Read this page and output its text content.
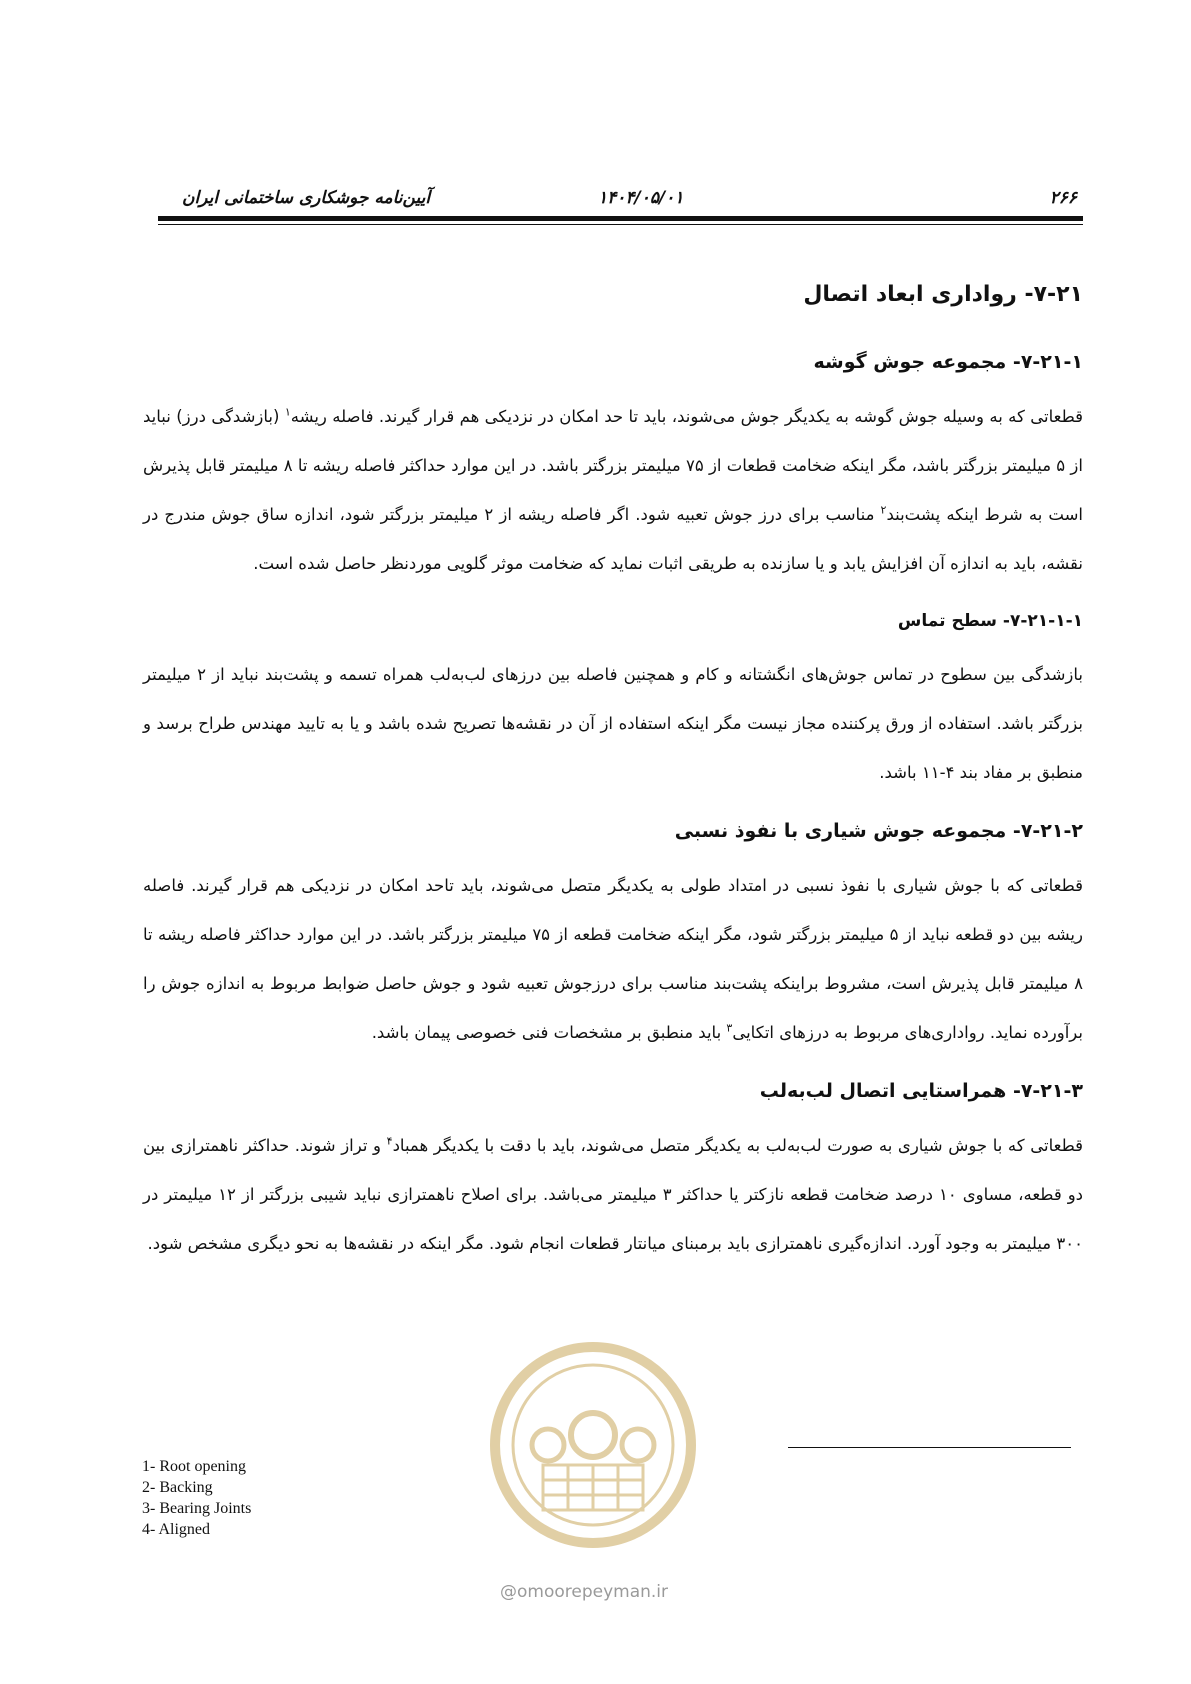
۲۶۶
۱۴۰۴/۰۵/۰۱
آیین‌نامه جوشکاری ساختمانی ایران
۷-۲۱- رواداری ابعاد اتصال
۷-۲۱-۱- مجموعه جوش گوشه

قطعاتی که به وسیله جوش گوشه به یکدیگر جوش می‌شوند، باید تا حد امکان در نزدیکی هم قرار گیرند. فاصله ریشه$^۱$ (بازشدگی درز) نباید از ۵ میلیمتر بزرگتر باشد، مگر اینکه ضخامت قطعات از ۷۵ میلیمتر بزرگتر باشد. در این موارد حداکثر فاصله ریشه تا ۸ میلیمتر قابل پذیرش است به شرط اینکه پشت‌بند$^۲$ مناسب برای درز جوش تعبیه شود. اگر فاصله ریشه از ۲ میلیمتر بزرگتر شود، اندازه ساق جوش مندرج در نقشه، باید به اندازه آن افزایش یابد و یا سازنده به طریقی اثبات نماید که ضخامت موثر گلویی موردنظر حاصل شده است.

۷-۲۱-۱-۱- سطح تماس

بازشدگی بین سطوح در تماس جوش‌های انگشتانه و کام و همچنین فاصله بین درزهای لب‌به‌لب همراه تسمه و پشت‌بند نباید از ۲ میلیمتر بزرگتر باشد. استفاده از ورق پرکننده مجاز نیست مگر اینکه استفاده از آن در نقشه‌ها تصریح شده باشد و یا به تایید مهندس طراح برسد و منطبق بر مفاد بند ۴-۱۱ باشد.

۷-۲۱-۲- مجموعه جوش شیاری با نفوذ نسبی

قطعاتی که با جوش شیاری با نفوذ نسبی در امتداد طولی به یکدیگر متصل می‌شوند، باید تاحد امکان در نزدیکی هم قرار گیرند. فاصله ریشه بین دو قطعه نباید از ۵ میلیمتر بزرگتر شود، مگر اینکه ضخامت قطعه از ۷۵ میلیمتر بزرگتر باشد. در این موارد حداکثر فاصله ریشه تا ۸ میلیمتر قابل پذیرش است، مشروط براینکه پشت‌بند مناسب برای درزجوش تعبیه شود و جوش حاصل ضوابط مربوط به اندازه جوش را برآورده نماید. رواداری‌های مربوط به درزهای اتکایی$^۳$ باید منطبق بر مشخصات فنی خصوصی پیمان باشد.

۷-۲۱-۳- همراستایی اتصال لب‌به‌لب

قطعاتی که با جوش شیاری به صورت لب‌به‌لب به یکدیگر متصل می‌شوند، باید با دقت با یکدیگر همباد$^۴$ و تراز شوند. حداکثر ناهمترازی بین دو قطعه، مساوی ۱۰ درصد ضخامت قطعه نازکتر یا حداکثر ۳ میلیمتر می‌باشد. برای اصلاح ناهمترازی نباید شیبی بزرگتر از ۱۲ میلیمتر در ۳۰۰ میلیمتر به وجود آورد. اندازه‌گیری ناهمترازی باید برمبنای میانتار قطعات انجام شود. مگر اینکه در نقشه‌ها به نحو دیگری مشخص شود.

1- Root opening
2- Backing
3- Bearing Joints
4- Aligned
@omoorepeyman.ir
